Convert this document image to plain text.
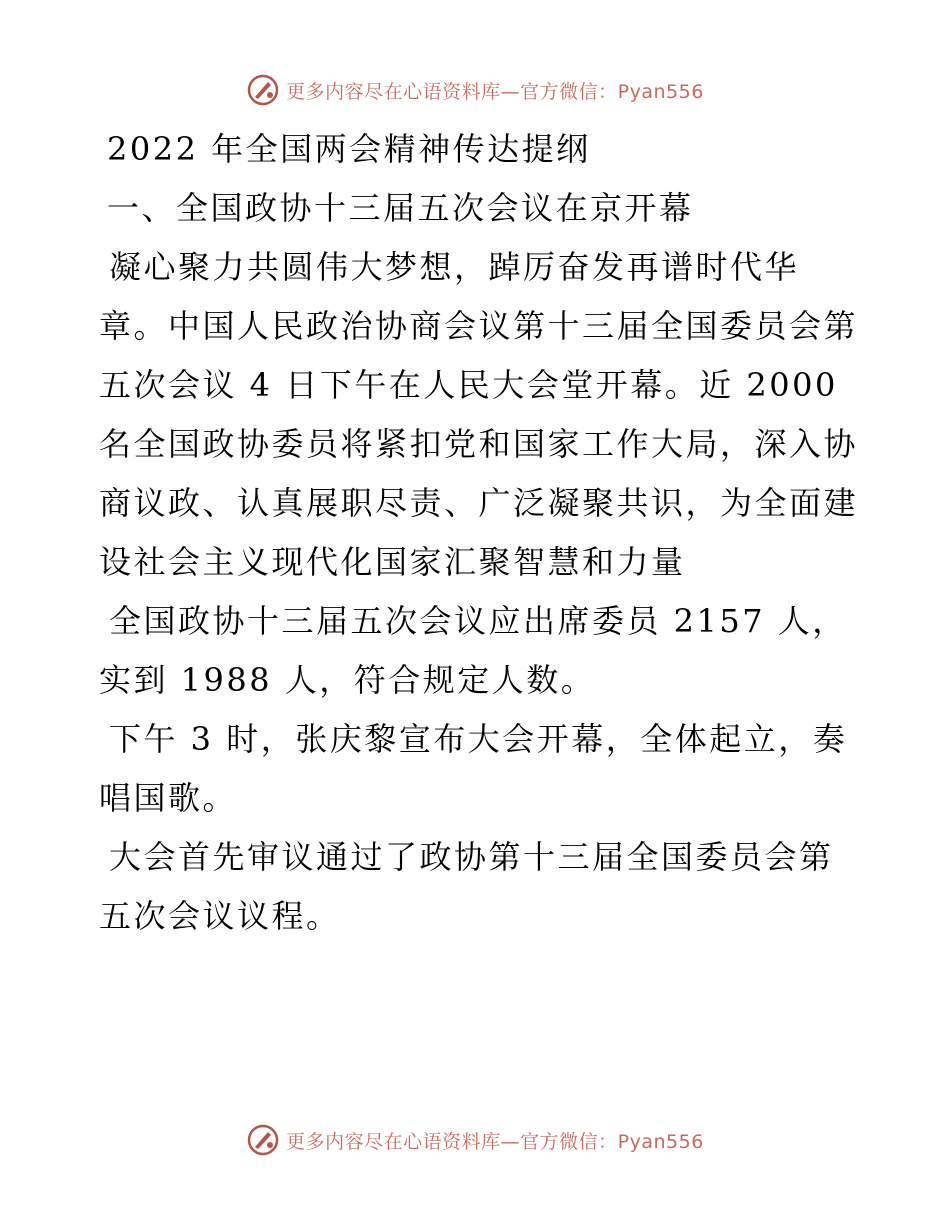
更多内容尽在心语资料库—官方微信：Pyan556

2022 年全国两会精神传达提纲

一、全国政协十三届五次会议在京开幕

凝心聚力共圆伟大梦想，踔厉奋发再谱时代华章。中国人民政治协商会议第十三届全国委员会第五次会议 4 日下午在人民大会堂开幕。近 2000 名全国政协委员将紧扣党和国家工作大局，深入协商议政、认真展职尽责、广泛凝聚共识，为全面建设社会主义现代化国家汇聚智慧和力量

全国政协十三届五次会议应出席委员 2157 人，实到 1988 人，符合规定人数。

下午 3 时，张庆黎宣布大会开幕，全体起立，奏唱国歌。

大会首先审议通过了政协第十三届全国委员会第五次会议议程。

更多内容尽在心语资料库—官方微信：Pyan556
